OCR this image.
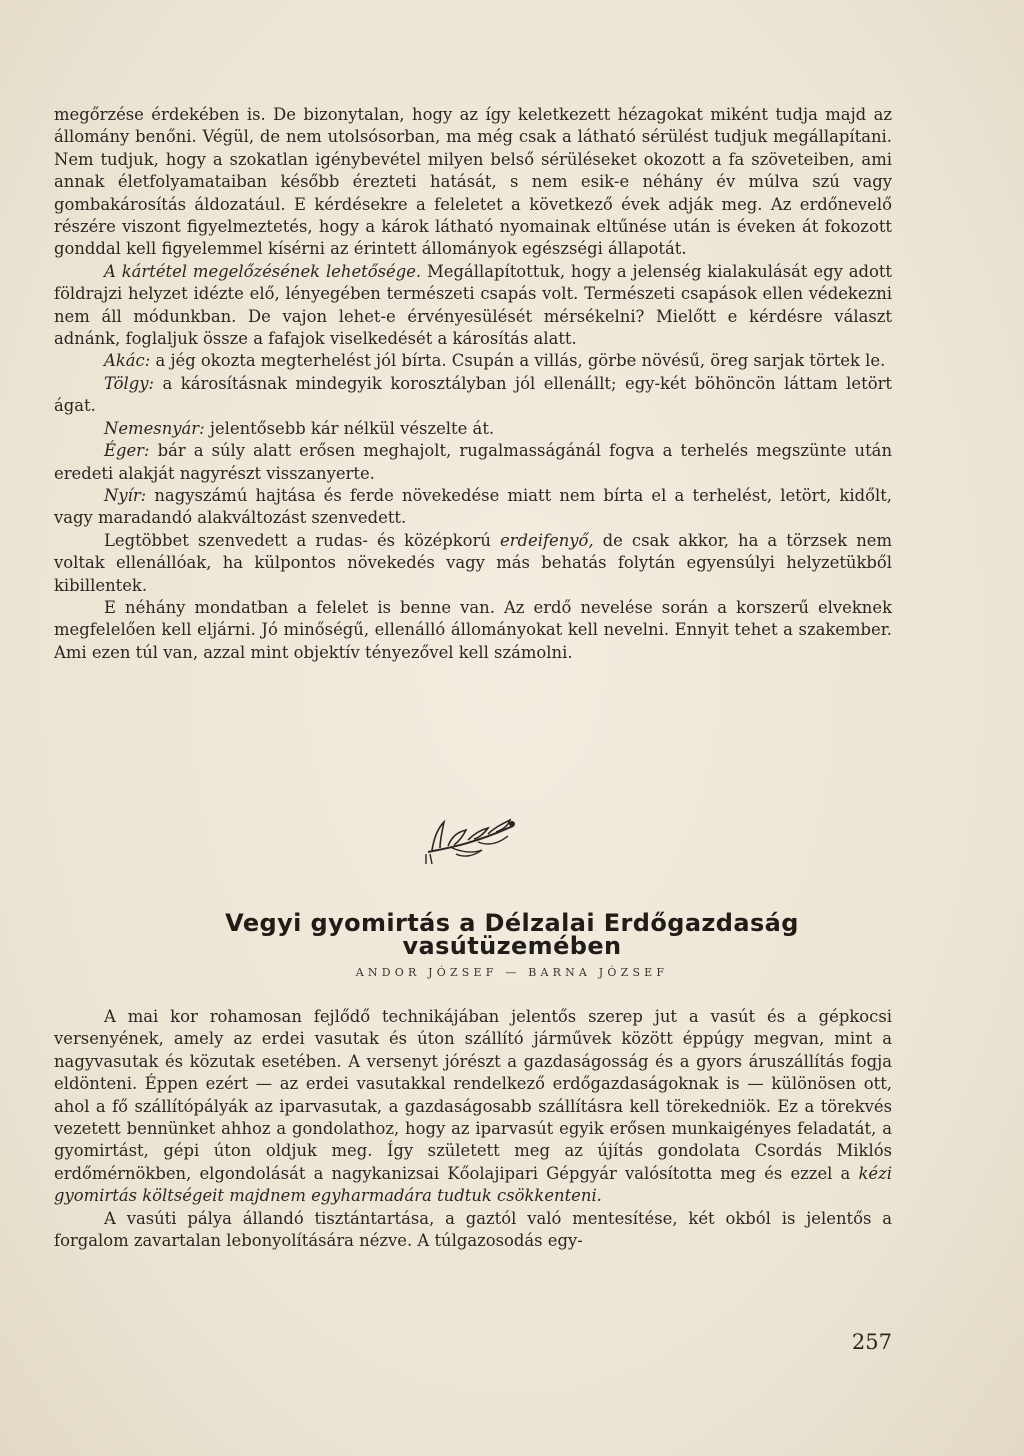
megőrzése érdekében is. De bizonytalan, hogy az így keletkezett hézagokat miként tudja majd az állomány benőni. Végül, de nem utolsósorban, ma még csak a látható sérülést tudjuk megállapítani. Nem tudjuk, hogy a szokatlan igénybevétel milyen belső sérüléseket okozott a fa szöveteiben, ami annak életfolyamataiban később érezteti hatását, s nem esik-e néhány év múlva szú vagy gombakárosítás áldozatául. E kérdésekre a feleletet a következő évek adják meg. Az erdőnevelő részére viszont figyelmeztetés, hogy a károk látható nyomainak eltűnése után is éveken át fokozott gonddal kell figyelemmel kísérni az érintett állományok egészségi állapotát.

A kártétel megelőzésének lehetősége. Megállapítottuk, hogy a jelenség kialakulását egy adott földrajzi helyzet idézte elő, lényegében természeti csapás volt. Természeti csapások ellen védekezni nem áll módunkban. De vajon lehet-e érvényesülését mérsékelni? Mielőtt e kérdésre választ adnánk, foglaljuk össze a fafajok viselkedését a károsítás alatt.

Akác: a jég okozta megterhelést jól bírta. Csupán a villás, görbe növésű, öreg sarjak törtek le.

Tölgy: a károsításnak mindegyik korosztályban jól ellenállt; egy-két böhöncön láttam letört ágat.

Nemesnyár: jelentősebb kár nélkül vészelte át.

Éger: bár a súly alatt erősen meghajolt, rugalmasságánál fogva a terhelés megszünte után eredeti alakját nagyrészt visszanyerte.

Nyír: nagyszámú hajtása és ferde növekedése miatt nem bírta el a terhelést, letört, kidőlt, vagy maradandó alakváltozást szenvedett.

Legtöbbet szenvedett a rudas- és középkorú erdeifenyő, de csak akkor, ha a törzsek nem voltak ellenállóak, ha külpontos növekedés vagy más behatás folytán egyensúlyi helyzetükből kibillentek.

E néhány mondatban a felelet is benne van. Az erdő nevelése során a korszerű elveknek megfelelően kell eljárni. Jó minőségű, ellenálló állományokat kell nevelni. Ennyit tehet a szakember. Ami ezen túl van, azzal mint objektív tényezővel kell számolni.

Vegyi gyomirtás a Délzalai Erdőgazdaság
vasútüzemében
ANDOR JÓZSEF — BARNA JÓZSEF

A mai kor rohamosan fejlődő technikájában jelentős szerep jut a vasút és a gépkocsi versenyének, amely az erdei vasutak és úton szállító járművek között éppúgy megvan, mint a nagyvasutak és közutak esetében. A versenyt jórészt a gazdaságosság és a gyors áruszállítás fogja eldönteni. Éppen ezért — az erdei vasutakkal rendelkező erdőgazdaságoknak is — különösen ott, ahol a fő szállítópályák az iparvasutak, a gazdaságosabb szállításra kell törekedniök. Ez a törekvés vezetett bennünket ahhoz a gondolathoz, hogy az iparvasút egyik erősen munkaigényes feladatát, a gyomirtást, gépi úton oldjuk meg. Így született meg az újítás gondolata Csordás Miklós erdőmérnökben, elgondolását a nagykanizsai Kőolajipari Gépgyár valósította meg és ezzel a kézi gyomirtás költségeit majdnem egyharmadára tudtuk csökkenteni.

A vasúti pálya állandó tisztántartása, a gaztól való mentesítése, két okból is jelentős a forgalom zavartalan lebonyolítására nézve. A túlgazosodás egy-

257
